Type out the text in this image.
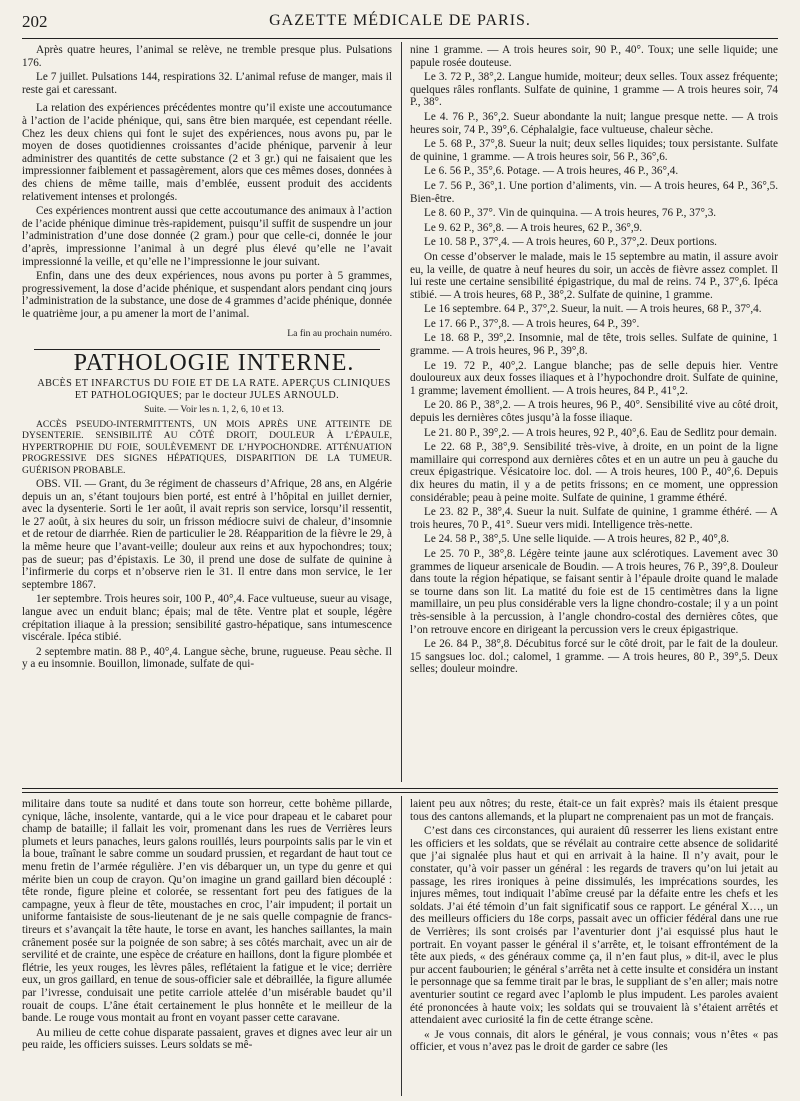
202	GAZETTE MÉDICALE DE PARIS.

Après quatre heures, l’animal se relève, ne tremble presque plus. Pulsations 176.

Le 7 juillet. Pulsations 144, respirations 32. L’animal refuse de manger, mais il reste gai et caressant.

La relation des expériences précédentes montre qu’il existe une accoutumance à l’action de l’acide phénique, qui, sans être bien marquée, est cependant réelle. Chez les deux chiens qui font le sujet des expériences, nous avons pu, par le moyen de doses quotidiennes croissantes d’acide phénique, parvenir à leur administrer des quantités de cette substance (2 et 3 gr.) qui ne faisaient que les impressionner faiblement et passagèrement, alors que ces mêmes doses, données à des chiens de même taille, mais d’emblée, eussent produit des accidents relativement intenses et prolongés.

Ces expériences montrent aussi que cette accoutumance des animaux à l’action de l’acide phénique diminue très-rapidement, puisqu’il suffit de suspendre un jour l’administration d’une dose donnée (2 gram.) pour que celle-ci, donnée le jour d’après, impressionne l’animal à un degré plus élevé qu’elle ne l’avait impressionné la veille, et qu’elle ne l’impressionne le jour suivant.

Enfin, dans une des deux expériences, nous avons pu porter à 5 grammes, progressivement, la dose d’acide phénique, et suspendant alors pendant cinq jours l’administration de la substance, une dose de 4 grammes d’acide phénique, donnée le quatrième jour, a pu amener la mort de l’animal.

La fin au prochain numéro.

PATHOLOGIE INTERNE.

ABCÈS ET INFARCTUS DU FOIE ET DE LA RATE. APERÇUS CLINIQUES ET PATHOLOGIQUES; par le docteur JULES ARNOULD.

Suite. — Voir les n. 1, 2, 6, 10 et 13.

ACCÈS PSEUDO-INTERMITTENTS, UN MOIS APRÈS UNE ATTEINTE DE DYSENTERIE. SENSIBILITÉ AU CÔTÉ DROIT, DOULEUR À L’ÉPAULE, HYPERTROPHIE DU FOIE, SOULÈVEMENT DE L’HYPOCHONDRE. ATTÉNUATION PROGRESSIVE DES SIGNES HÉPATIQUES, DISPARITION DE LA TUMEUR. GUÉRISON PROBABLE.

OBS. VII. — Grant, du 3e régiment de chasseurs d’Afrique, 28 ans, en Algérie depuis un an, s’étant toujours bien porté, est entré à l’hôpital en juillet dernier, avec la dysenterie. Sorti le 1er août, il avait repris son service, lorsqu’il ressentit, le 27 août, à six heures du soir, un frisson médiocre suivi de chaleur, d’insomnie et de retour de diarrhée. Rien de particulier le 28. Réapparition de la fièvre le 29, à la même heure que l’avant-veille; douleur aux reins et aux hypochondres; toux; pas de sueur; pas d’épistaxis. Le 30, il prend une dose de sulfate de quinine à l’infirmerie du corps et n’observe rien le 31. Il entre dans mon service, le 1er septembre 1867.

1er septembre. Trois heures soir, 100 P., 40°,4. Face vultueuse, sueur au visage, langue avec un enduit blanc; épais; mal de tête. Ventre plat et souple, légère crépitation iliaque à la pression; sensibilité gastro-hépatique, sans intumescence viscérale. Ipéca stibié.

2 septembre matin. 88 P., 40°,4. Langue sèche, brune, rugueuse. Peau sèche. Il y a eu insomnie. Bouillon, limonade, sulfate de qui-

nine 1 gramme. — A trois heures soir, 90 P., 40°. Toux; une selle liquide; une papule rosée douteuse.

Le 3. 72 P., 38°,2. Langue humide, moiteur; deux selles. Toux assez fréquente; quelques râles ronflants. Sulfate de quinine, 1 gramme — A trois heures soir, 74 P., 38°.

Le 4. 76 P., 36°,2. Sueur abondante la nuit; langue presque nette. — A trois heures soir, 74 P., 39°,6. Céphalalgie, face vultueuse, chaleur sèche.

Le 5. 68 P., 37°,8. Sueur la nuit; deux selles liquides; toux persistante. Sulfate de quinine, 1 gramme. — A trois heures soir, 56 P., 36°,6.

Le 6. 56 P., 35°,6. Potage. — A trois heures, 46 P., 36°,4.

Le 7. 56 P., 36°,1. Une portion d’aliments, vin. — A trois heures, 64 P., 36°,5. Bien-être.

Le 8. 60 P., 37°. Vin de quinquina. — A trois heures, 76 P., 37°,3.

Le 9. 62 P., 36°,8. — A trois heures, 62 P., 36°,9.

Le 10. 58 P., 37°,4. — A trois heures, 60 P., 37°,2. Deux portions.

On cesse d’observer le malade, mais le 15 septembre au matin, il assure avoir eu, la veille, de quatre à neuf heures du soir, un accès de fièvre assez complet. Il lui reste une certaine sensibilité épigastrique, du mal de reins. 74 P., 37°,6. Ipéca stibié. — A trois heures, 68 P., 38°,2. Sulfate de quinine, 1 gramme.

Le 16 septembre. 64 P., 37°,2. Sueur, la nuit. — A trois heures, 68 P., 37°,4.

Le 17. 66 P., 37°,8. — A trois heures, 64 P., 39°.

Le 18. 68 P., 39°,2. Insomnie, mal de tête, trois selles. Sulfate de quinine, 1 gramme. — A trois heures, 96 P., 39°,8.

Le 19. 72 P., 40°,2. Langue blanche; pas de selle depuis hier. Ventre douloureux aux deux fosses iliaques et à l’hypochondre droit. Sulfate de quinine, 1 gramme; lavement émollient. — A trois heures, 84 P., 41°,2.

Le 20. 86 P., 38°,2. — A trois heures, 96 P., 40°. Sensibilité vive au côté droit, depuis les dernières côtes jusqu’à la fosse iliaque.

Le 21. 80 P., 39°,2. — A trois heures, 92 P., 40°,6. Eau de Sedlitz pour demain.

Le 22. 68 P., 38°,9. Sensibilité très-vive, à droite, en un point de la ligne mamillaire qui correspond aux dernières côtes et en un autre un peu à gauche du creux épigastrique. Vésicatoire loc. dol. — A trois heures, 100 P., 40°,6. Depuis dix heures du matin, il y a de petits frissons; en ce moment, une oppression considérable; peau à peine moite. Sulfate de quinine, 1 gramme éthéré.

Le 23. 82 P., 38°,4. Sueur la nuit. Sulfate de quinine, 1 gramme éthéré. — A trois heures, 70 P., 41°. Sueur vers midi. Intelligence très-nette.

Le 24. 58 P., 38°,5. Une selle liquide. — A trois heures, 82 P., 40°,8.

Le 25. 70 P., 38°,8. Légère teinte jaune aux sclérotiques. Lavement avec 30 grammes de liqueur arsenicale de Boudin. — A trois heures, 76 P., 39°,8. Douleur dans toute la région hépatique, se faisant sentir à l’épaule droite quand le malade se tourne dans son lit. La matité du foie est de 15 centimètres dans la ligne mamillaire, un peu plus considérable vers la ligne chondro-costale; il y a un point très-sensible à la percussion, à l’angle chondro-costal des dernières côtes, que l’on retrouve encore en dirigeant la percussion vers le creux épigastrique.

Le 26. 84 P., 38°,8. Décubitus forcé sur le côté droit, par le fait de la douleur. 15 sangsues loc. dol.; calomel, 1 gramme. — A trois heures, 80 P., 39°,5. Deux selles; douleur moindre.

militaire dans toute sa nudité et dans toute son horreur, cette bohème pillarde, cynique, lâche, insolente, vantarde, qui a le vice pour drapeau et le cabaret pour champ de bataille; il fallait les voir, promenant dans les rues de Verrières leurs plumets et leurs panaches, leurs galons rouillés, leurs pourpoints salis par le vin et la boue, traînant le sabre comme un soudard prussien, et regardant de haut tout ce menu fretin de l’armée régulière. J’en vis débarquer un, un type du genre et qui mérite bien un coup de crayon. Qu’on imagine un grand gaillard bien découplé : tête ronde, figure pleine et colorée, se ressentant fort peu des fatigues de la campagne, yeux à fleur de tête, moustaches en croc, l’air impudent; il portait un uniforme fantaisiste de sous-lieutenant de je ne sais quelle compagnie de francs-tireurs et s’avançait la tête haute, le torse en avant, les hanches saillantes, la main crânement posée sur la poignée de son sabre; à ses côtés marchait, avec un air de servilité et de crainte, une espèce de créature en haillons, dont la figure plombée et flétrie, les yeux rouges, les lèvres pâles, reflétaient la fatigue et le vice; derrière eux, un gros gaillard, en tenue de sous-officier sale et débraillée, la figure allumée par l’ivresse, conduisait une petite carriole attelée d’un misérable baudet qu’il rouait de coups. L’âne était certainement le plus honnête et le meilleur de la bande. Le rouge vous montait au front en voyant passer cette caravane.

Au milieu de cette cohue disparate passaient, graves et dignes avec leur air un peu raide, les officiers suisses. Leurs soldats se mê-

laient peu aux nôtres; du reste, était-ce un fait exprès? mais ils étaient presque tous des cantons allemands, et la plupart ne comprenaient pas un mot de français.

C’est dans ces circonstances, qui auraient dû resserrer les liens existant entre les officiers et les soldats, que se révélait au contraire cette absence de solidarité que j’ai signalée plus haut et qui en arrivait à la haine. Il n’y avait, pour le constater, qu’à voir passer un général : les regards de travers qu’on lui jetait au passage, les rires ironiques à peine dissimulés, les imprécations sourdes, les injures mêmes, tout indiquait l’abîme creusé par la défaite entre les chefs et les soldats. J’ai été témoin d’un fait significatif sous ce rapport. Le général X…, un des meilleurs officiers du 18e corps, passait avec un officier fédéral dans une rue de Verrières; ils sont croisés par l’aventurier dont j’ai esquissé plus haut le portrait. En voyant passer le général il s’arrête, et, le toisant effrontément de la tête aux pieds, « des généraux comme ça, il n’en faut plus, » dit-il, avec le plus pur accent faubourien; le général s’arrêta net à cette insulte et considéra un instant le personnage que sa femme tirait par le bras, le suppliant de s’en aller; mais notre aventurier soutint ce regard avec l’aplomb le plus impudent. Les paroles avaient été prononcées à haute voix; les soldats qui se trouvaient là s’étaient arrêtés et attendaient avec curiosité la fin de cette étrange scène.

« Je vous connais, dit alors le général, je vous connais; vous n’êtes « pas officier, et vous n’avez pas le droit de garder ce sabre (les
